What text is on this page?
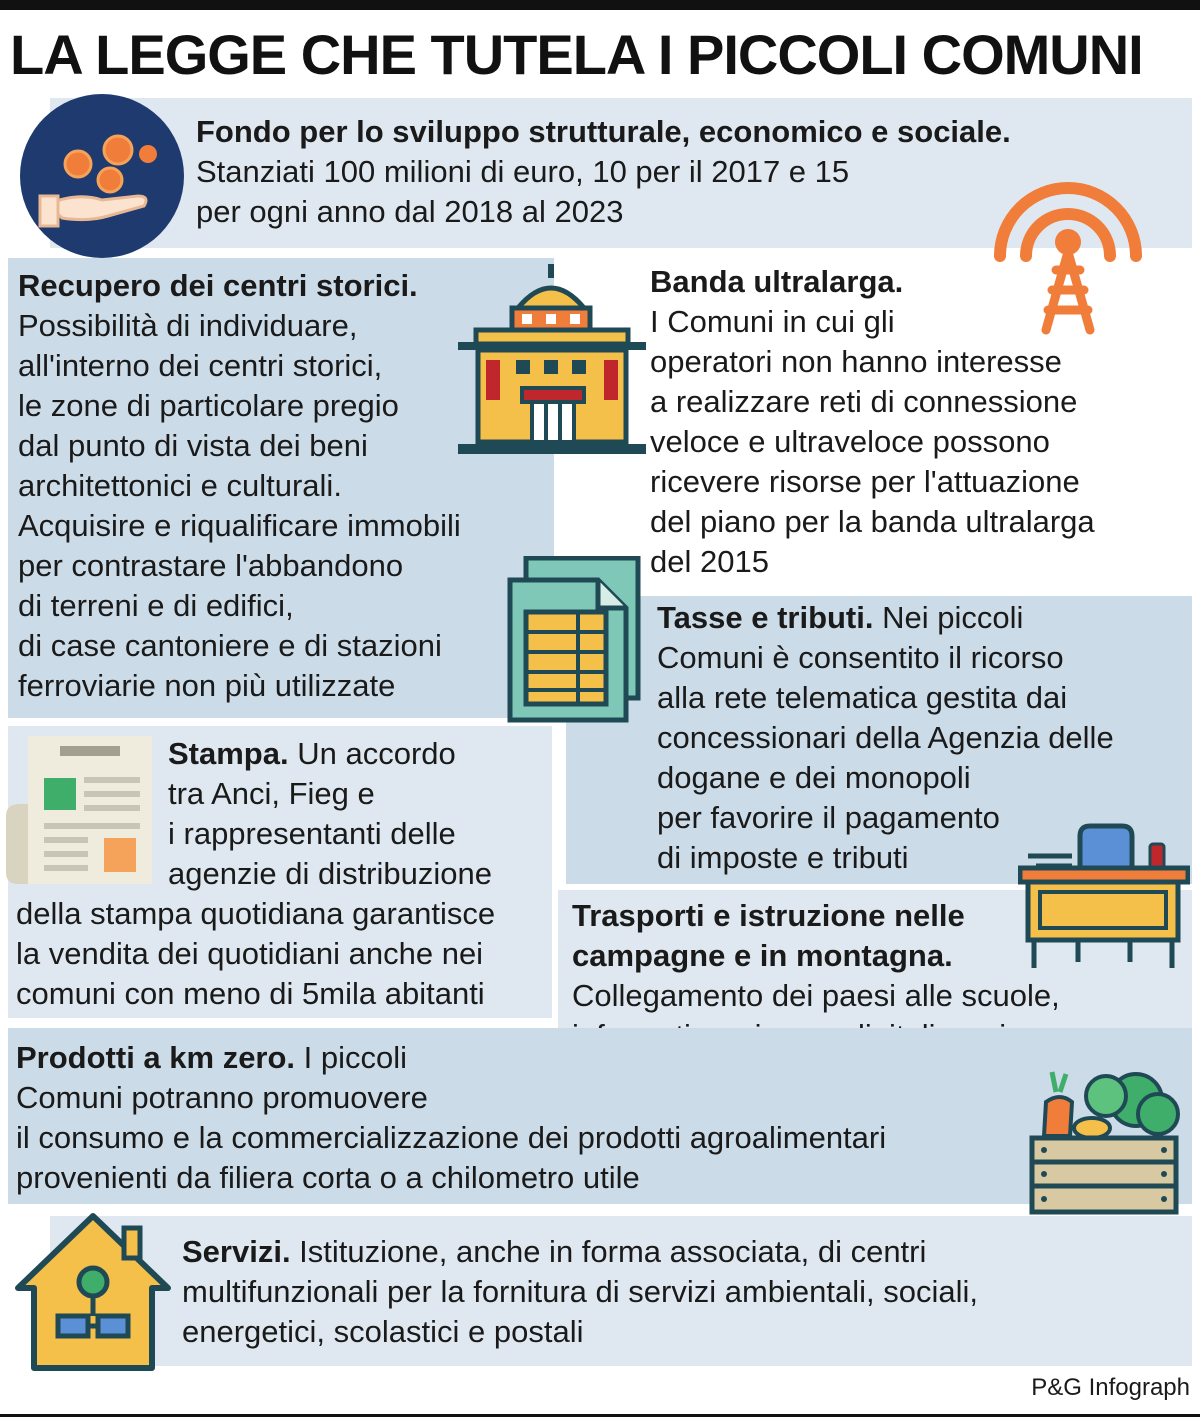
LA LEGGE CHE TUTELA I PICCOLI COMUNI
Fondo per lo sviluppo strutturale, economico e sociale.
Stanziati 100 milioni di euro, 10 per il 2017 e 15
per ogni anno dal 2018 al 2023
Recupero dei centri storici.
Possibilità di individuare,
all'interno dei centri storici,
le zone di particolare pregio
dal punto di vista dei beni
architettonici e culturali.
Acquisire e riqualificare immobili
per contrastare l'abbandono
di terreni e di edifici,
di case cantoniere e di stazioni
ferroviarie non più utilizzate
Banda ultralarga.
I Comuni in cui gli
operatori non hanno interesse
a realizzare reti di connessione
veloce e ultraveloce possono
ricevere risorse per l'attuazione
del piano per la banda ultralarga
del 2015
Tasse e tributi. Nei piccoli
Comuni è consentito il ricorso
alla rete telematica gestita dai
concessionari della Agenzia delle
dogane e dei monopoli
per favorire il pagamento
di imposte e tributi
Stampa. Un accordo
tra Anci, Fieg e
i rappresentanti delle
agenzie di distribuzione
della stampa quotidiana garantisce
la vendita dei quotidiani anche nei
comuni con meno di 5mila abitanti
Trasporti e istruzione nelle
campagne e in montagna.
Collegamento dei paesi alle scuole,
Prodotti a km zero. I piccoli
Comuni potranno promuovere
il consumo e la commercializzazione dei prodotti agroalimentari
provenienti da filiera corta o a chilometro utile
Servizi. Istituzione, anche in forma associata, di centri
multifunzionali per la fornitura di servizi ambientali, sociali,
energetici, scolastici e postali
P&G Infograph
